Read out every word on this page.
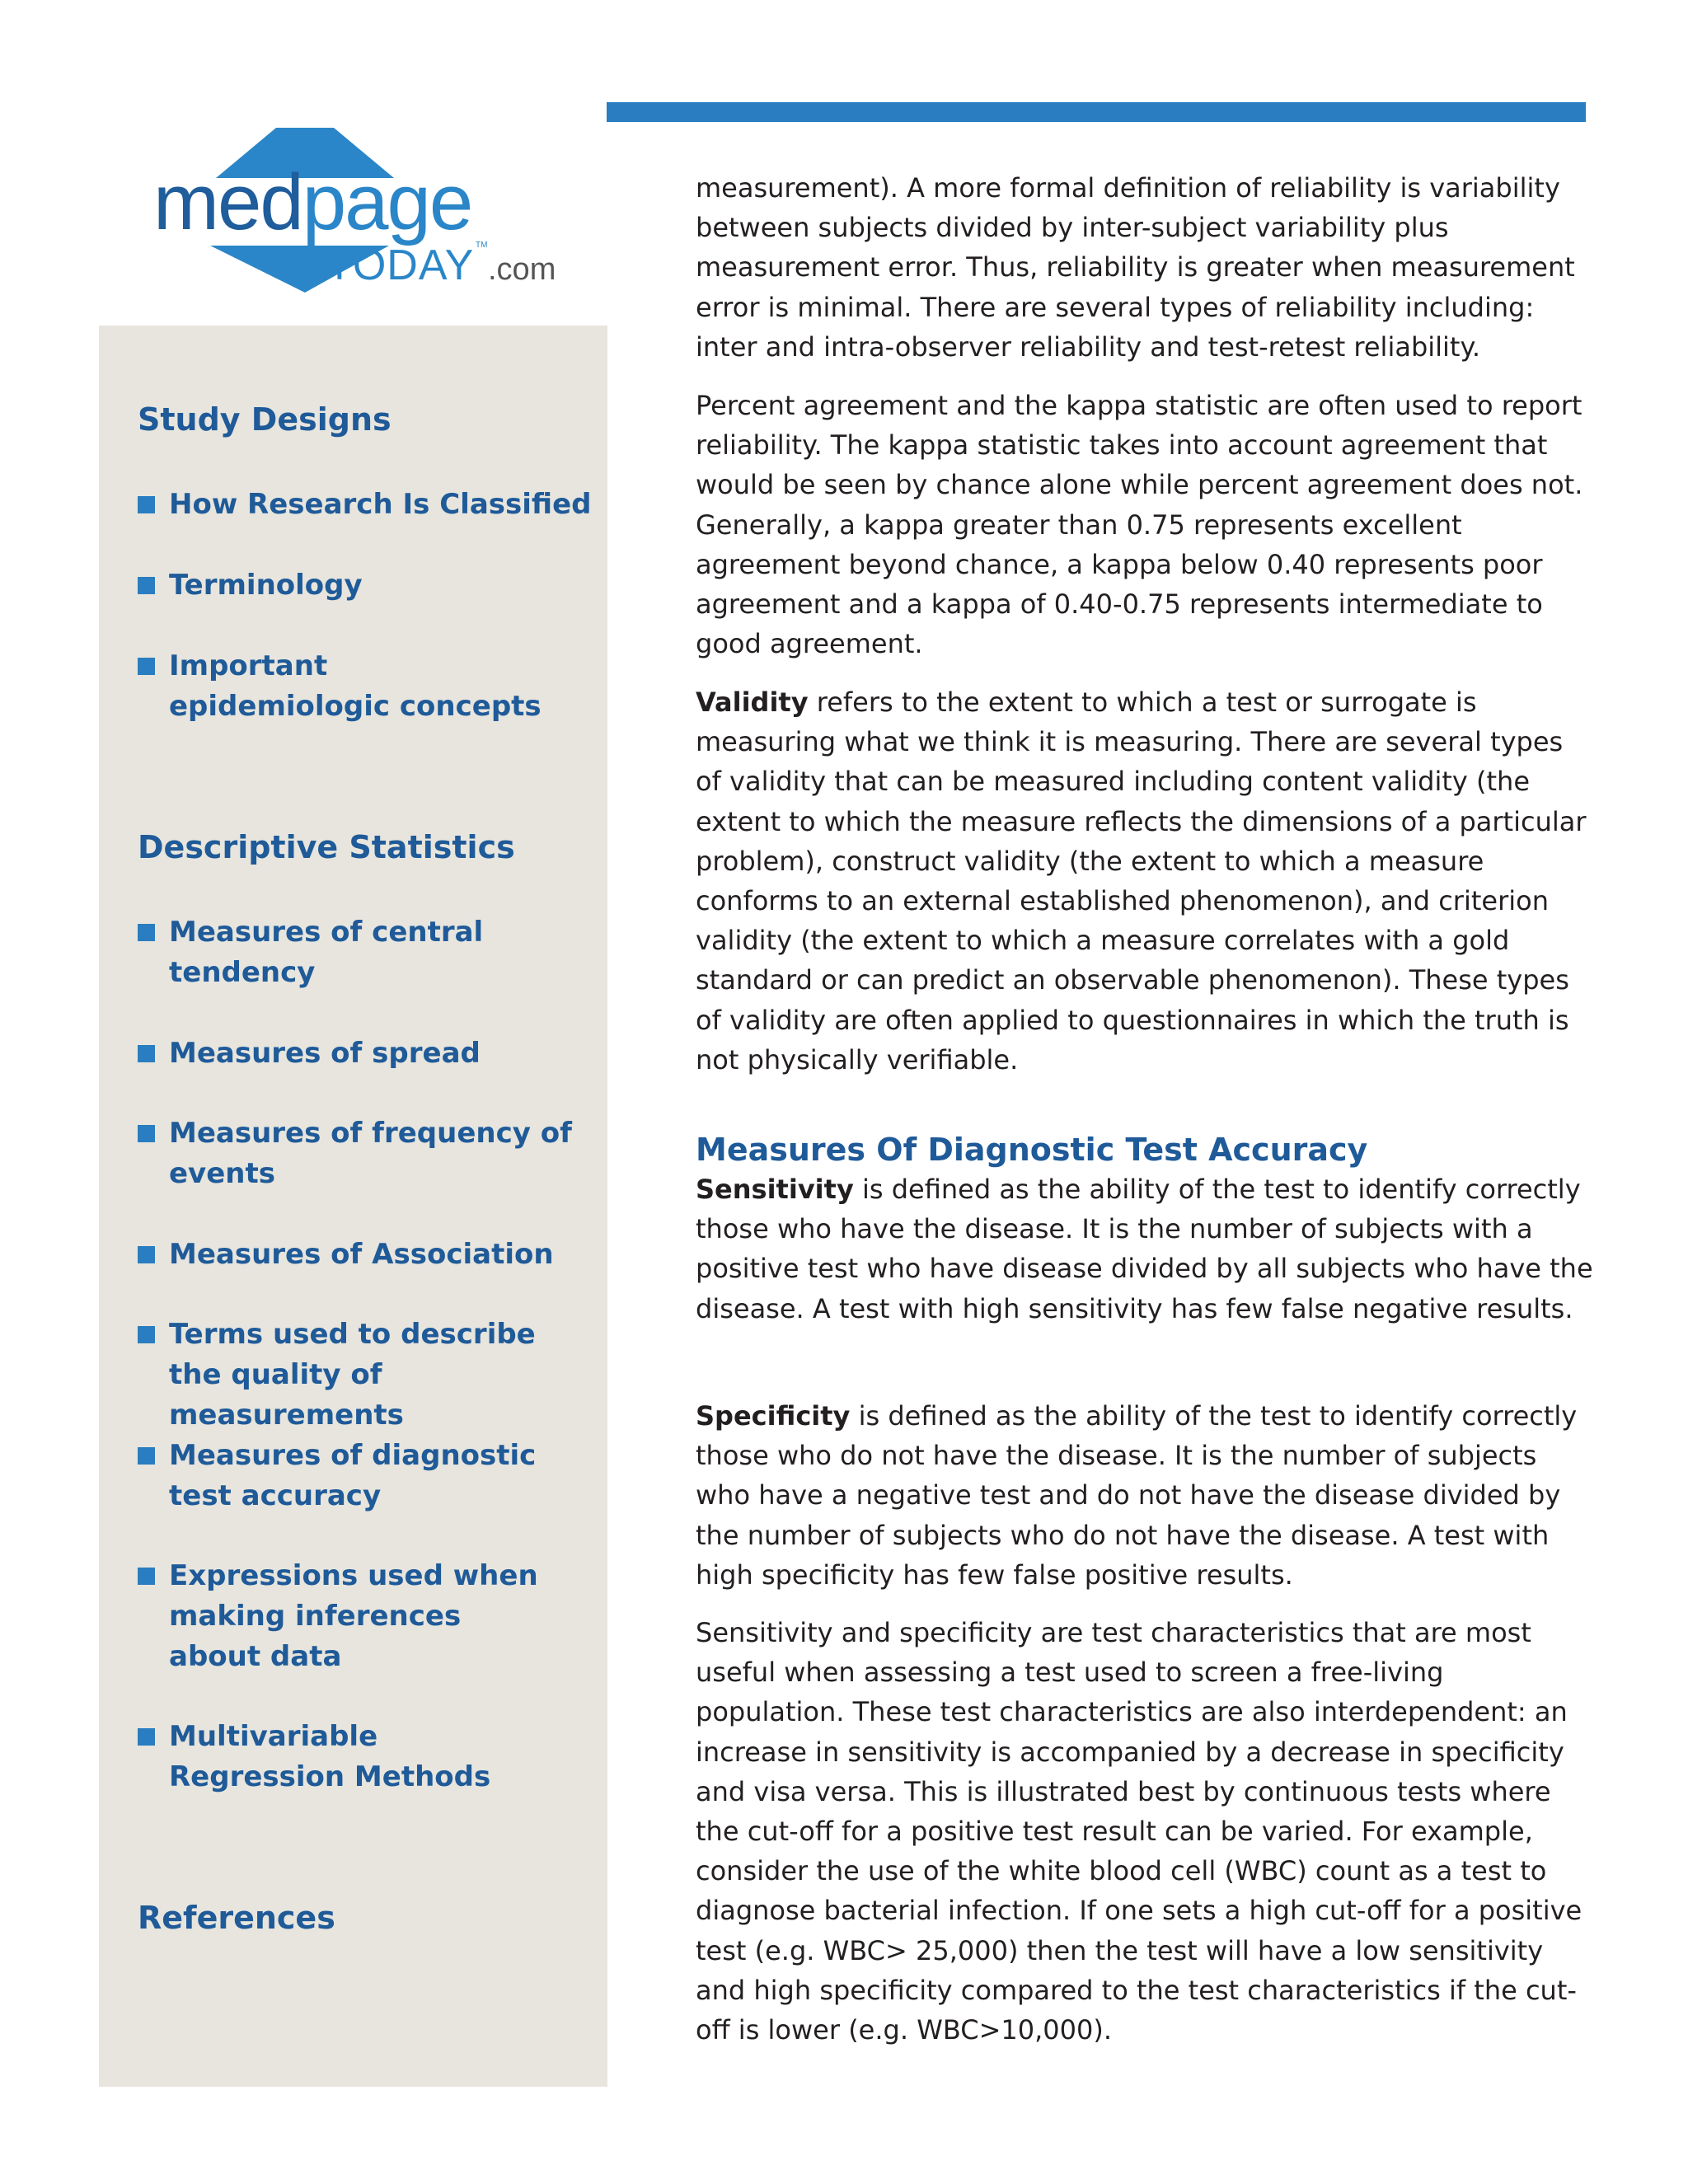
medpage
TODAY TM
.com
Study Designs
How Research Is Classified
Terminology
Important epidemiologic concepts
Descriptive Statistics
Measures of central tendency
Measures of spread
Measures of frequency of events
Measures of Association
Terms used to describe the quality of measurements
Measures of diagnostic test accuracy
Expressions used when making inferences about data
Multivariable Regression Methods
References

measurement). A more formal definition of reliability is variability between subjects divided by inter-subject variability plus measurement error. Thus, reliability is greater when measurement error is minimal. There are several types of reliability including: inter and intra-observer reliability and test-retest reliability.

Percent agreement and the kappa statistic are often used to report reliability. The kappa statistic takes into account agreement that would be seen by chance alone while percent agreement does not. Generally, a kappa greater than 0.75 represents excellent agreement beyond chance, a kappa below 0.40 represents poor agreement and a kappa of 0.40-0.75 represents intermediate to good agreement.

Validity refers to the extent to which a test or surrogate is measuring what we think it is measuring. There are several types of validity that can be measured including content validity (the extent to which the measure reflects the dimensions of a particular problem), construct validity (the extent to which a measure conforms to an external established phenomenon), and criterion validity (the extent to which a measure correlates with a gold standard or can predict an observable phenomenon). These types of validity are often applied to questionnaires in which the truth is not physically verifiable.

Measures Of Diagnostic Test Accuracy

Sensitivity is defined as the ability of the test to identify correctly those who have the disease. It is the number of subjects with a positive test who have disease divided by all subjects who have the disease. A test with high sensitivity has few false negative results.

Specificity is defined as the ability of the test to identify correctly those who do not have the disease. It is the number of subjects who have a negative test and do not have the disease divided by the number of subjects who do not have the disease. A test with high specificity has few false positive results.

Sensitivity and specificity are test characteristics that are most useful when assessing a test used to screen a free-living population. These test characteristics are also interdependent: an increase in sensitivity is accompanied by a decrease in specificity and visa versa. This is illustrated best by continuous tests where the cut-off for a positive test result can be varied. For example, consider the use of the white blood cell (WBC) count as a test to diagnose bacterial infection. If one sets a high cut-off for a positive test (e.g. WBC> 25,000) then the test will have a low sensitivity and high specificity compared to the test characteristics if the cut-off is lower (e.g. WBC>10,000).
